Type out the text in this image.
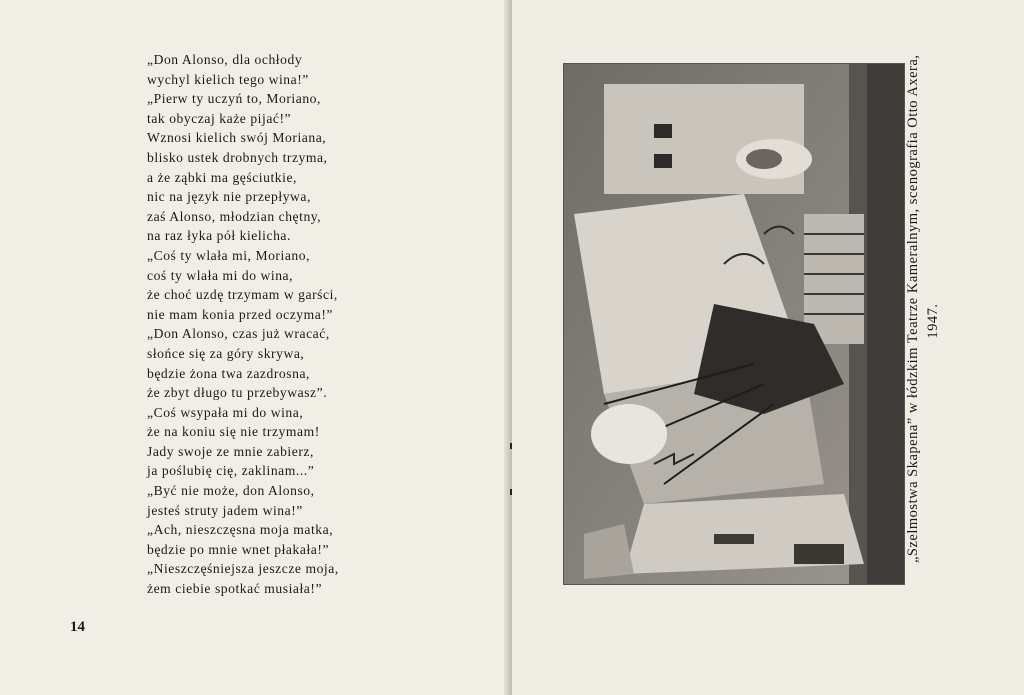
„Don Alonso, dla ochłody
wychyl kielich tego wina!”
„Pierw ty uczyń to, Moriano,
tak obyczaj każe pijać!”
Wznosi kielich swój Moriana,
blisko ustek drobnych trzyma,
a że ząbki ma gęściutkie,
nic na język nie przepływa,
zaś Alonso, młodzian chętny,
na raz łyka pół kielicha.
„Coś ty wlała mi, Moriano,
coś ty wlała mi do wina,
że choć uzdę trzymam w garści,
nie mam konia przed oczyma!”
„Don Alonso, czas już wracać,
słońce się za góry skrywa,
będzie żona twa zazdrosna,
że zbyt długo tu przebywasz”.
„Coś wsypała mi do wina,
że na koniu się nie trzymam!
Jady swoje ze mnie zabierz,
ja poślubię cię, zaklinam...”
„Być nie może, don Alonso,
jesteś struty jadem wina!”
„Ach, nieszczęsna moja matka,
będzie po mnie wnet płakała!”
„Nieszczęśniejsza jeszcze moja,
żem ciebie spotkać musiała!”
14
„Szelmostwa Skapena” w łódzkim Teatrze Kameralnym, scenografia Otto Axera, 1947.
